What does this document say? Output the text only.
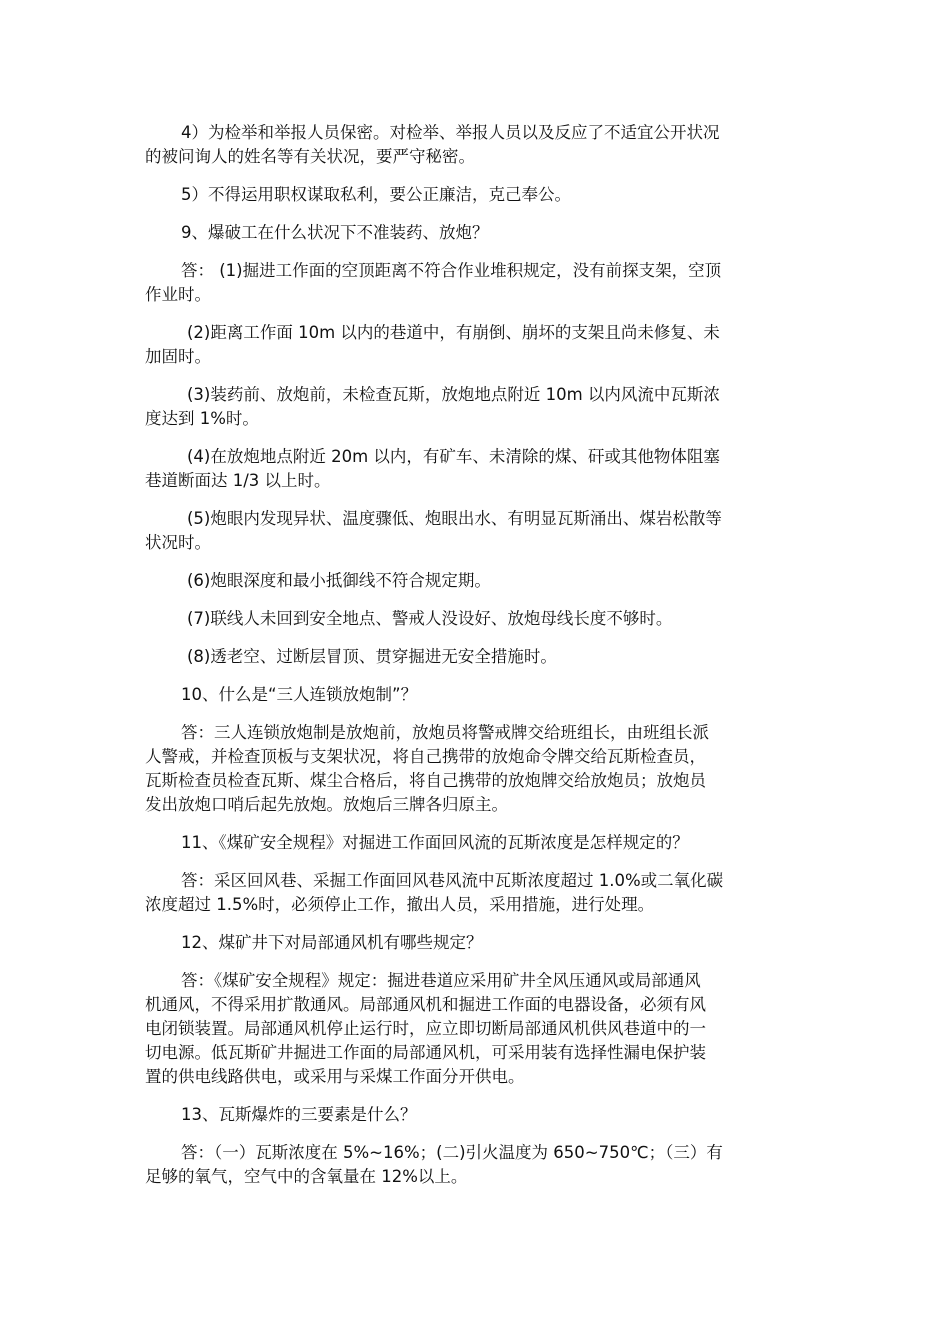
4）为检举和举报人员保密。对检举、举报人员以及反应了不适宜公开状况
的被问询人的姓名等有关状况，要严守秘密。
5）不得运用职权谋取私利，要公正廉洁，克己奉公。
9、爆破工在什么状况下不准装药、放炮？
答： (1)掘进工作面的空顶距离不符合作业堆积规定，没有前探支架，空顶
作业时。
(2)距离工作面 10m 以内的巷道中，有崩倒、崩坏的支架且尚未修复、未
加固时。
(3)装药前、放炮前，未检查瓦斯，放炮地点附近 10m 以内风流中瓦斯浓
度达到 1%时。
(4)在放炮地点附近 20m 以内，有矿车、未清除的煤、矸或其他物体阻塞
巷道断面达 1/3 以上时。
(5)炮眼内发现异状、温度骤低、炮眼出水、有明显瓦斯涌出、煤岩松散等
状况时。
(6)炮眼深度和最小抵御线不符合规定期。
(7)联线人未回到安全地点、警戒人没设好、放炮母线长度不够时。
(8)透老空、过断层冒顶、贯穿掘进无安全措施时。
10、什么是“三人连锁放炮制”？
答：三人连锁放炮制是放炮前，放炮员将警戒牌交给班组长，由班组长派
人警戒，并检查顶板与支架状况，将自己携带的放炮命令牌交给瓦斯检查员，
瓦斯检查员检查瓦斯、煤尘合格后，将自己携带的放炮牌交给放炮员；放炮员
发出放炮口哨后起先放炮。放炮后三牌各归原主。
11、《煤矿安全规程》对掘进工作面回风流的瓦斯浓度是怎样规定的？
答：采区回风巷、采掘工作面回风巷风流中瓦斯浓度超过 1.0%或二氧化碳
浓度超过 1.5%时，必须停止工作，撤出人员，采用措施，进行处理。
12、煤矿井下对局部通风机有哪些规定？
答：《煤矿安全规程》规定：掘进巷道应采用矿井全风压通风或局部通风
机通风，不得采用扩散通风。局部通风机和掘进工作面的电器设备，必须有风
电闭锁装置。局部通风机停止运行时，应立即切断局部通风机供风巷道中的一
切电源。低瓦斯矿井掘进工作面的局部通风机，可采用装有选择性漏电保护装
置的供电线路供电，或采用与采煤工作面分开供电。
13、瓦斯爆炸的三要素是什么？
答：（一）瓦斯浓度在 5%~16%；(二)引火温度为 650~750℃；（三）有
足够的氧气，空气中的含氧量在 12%以上。
